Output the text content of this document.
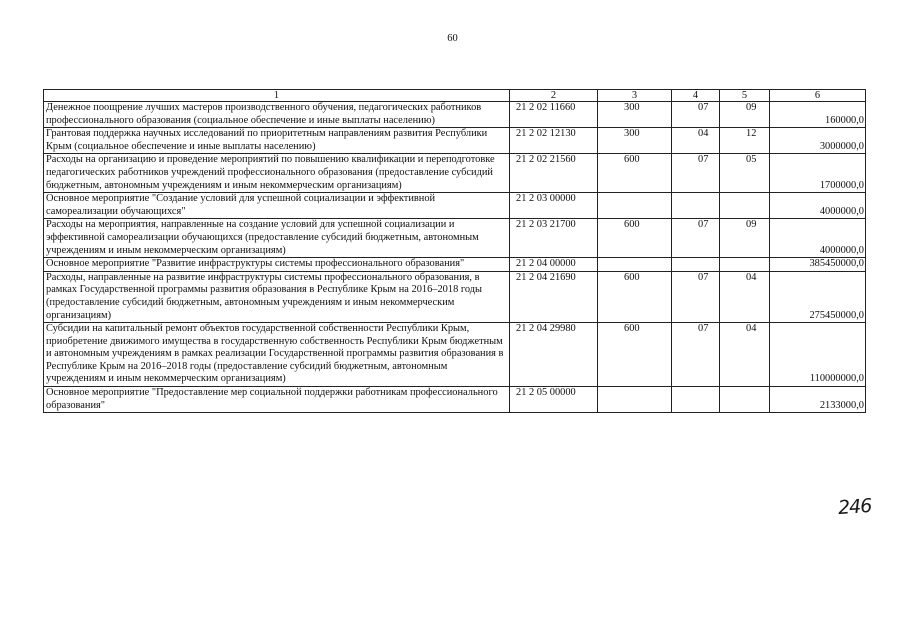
60
1	2	3	4	5	6
Денежное поощрение лучших мастеров производственного обучения, педагогических работников профессионального образования (социальное обеспечение и иные выплаты населению)	21 2 02 11660	300	07	09	160000,0
Грантовая поддержка научных исследований по приоритетным направлениям развития Республики Крым (социальное обеспечение и иные выплаты населению)	21 2 02 12130	300	04	12	3000000,0
Расходы на организацию и проведение мероприятий по повышению квалификации и переподготовке педагогических работников учреждений профессионального образования (предоставление субсидий бюджетным, автономным учреждениям и иным некоммерческим организациям)	21 2 02 21560	600	07	05	1700000,0
Основное мероприятие "Создание условий для успешной социализации и эффективной самореализации обучающихся"	21 2 03 00000				4000000,0
Расходы на мероприятия, направленные на создание условий для успешной социализации и эффективной самореализации обучающихся (предоставление субсидий бюджетным, автономным учреждениям и иным некоммерческим организациям)	21 2 03 21700	600	07	09	4000000,0
Основное мероприятие "Развитие инфраструктуры системы профессионального образования"	21 2 04 00000				385450000,0
Расходы, направленные на развитие инфраструктуры системы профессионального образования, в рамках Государственной программы развития образования в Республике Крым на 2016–2018 годы (предоставление субсидий бюджетным, автономным учреждениям и иным некоммерческим организациям)	21 2 04 21690	600	07	04	275450000,0
Субсидии на капитальный ремонт объектов государственной собственности Республики Крым, приобретение движимого имущества в государственную собственность Республики Крым бюджетным и автономным учреждениям в рамках реализации Государственной программы развития образования в Республике Крым на 2016–2018 годы (предоставление субсидий бюджетным, автономным учреждениям и иным некоммерческим организациям)	21 2 04 29980	600	07	04	110000000,0
Основное мероприятие "Предоставление мер социальной поддержки работникам профессионального образования"	21 2 05 00000				2133000,0
246
